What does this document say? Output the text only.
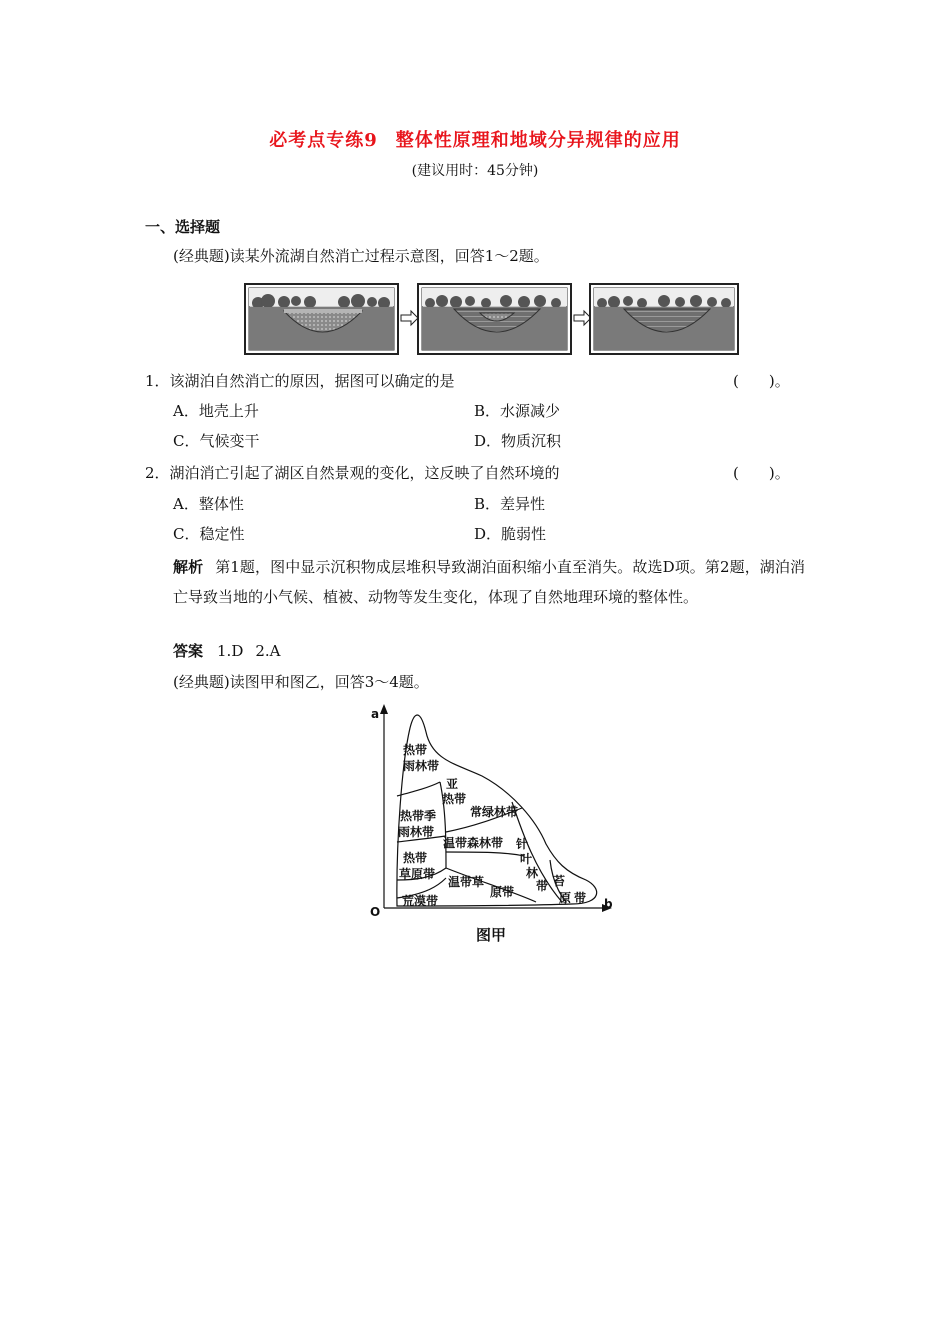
必考点专练9 整体性原理和地域分异规律的应用
(建议用时：45分钟)
一、选择题
(经典题)读某外流湖自然消亡过程示意图，回答1～2题。
1．该湖泊自然消亡的原因，据图可以确定的是	(　　)。
A．地壳上升	B．水源减少
C．气候变干	D．物质沉积
2．湖泊消亡引起了湖区自然景观的变化，这反映了自然环境的	(　　)。
A．整体性	B．差异性
C．稳定性	D．脆弱性
解析 第1题，图中显示沉积物成层堆积导致湖泊面积缩小直至消失。故选D项。第2题，湖泊消亡导致当地的小气候、植被、动物等发生变化，体现了自然地理环境的整体性。
答案 1.D 2.A
(经典题)读图甲和图乙，回答3～4题。
a
b
O
热带
雨林带
亚
热带
常绿林带
热带季
雨林带
温带森林带
热带
草原带
温带草
原带
针
叶
林
带 苔
原 带
荒漠带
图甲
